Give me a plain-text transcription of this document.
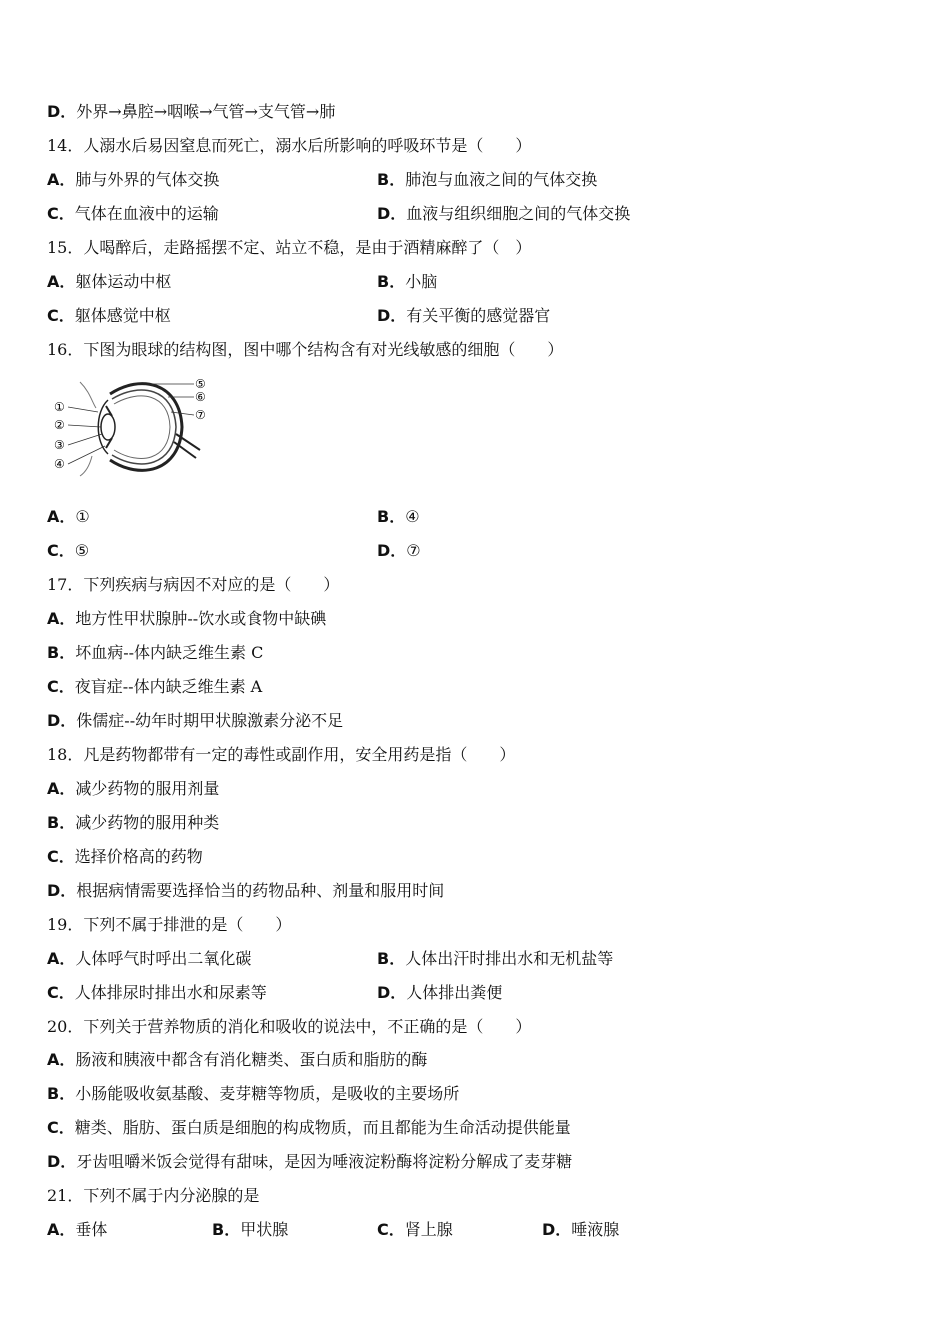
D．外界→鼻腔→咽喉→气管→支气管→肺
14．人溺水后易因窒息而死亡，溺水后所影响的呼吸环节是（　　）
A．肺与外界的气体交换	B．肺泡与血液之间的气体交换
C．气体在血液中的运输	D．血液与组织细胞之间的气体交换
15．人喝醉后，走路摇摆不定、站立不稳，是由于酒精麻醉了（　）
A．躯体运动中枢	B．小脑
C．躯体感觉中枢	D．有关平衡的感觉器官
16．下图为眼球的结构图，图中哪个结构含有对光线敏感的细胞（　　）
①
②
③
④
⑤
⑥
⑦
A．①	B．④
C．⑤	D．⑦
17．下列疾病与病因不对应的是（　　）
A．地方性甲状腺肿--饮水或食物中缺碘
B．坏血病--体内缺乏维生素 C
C．夜盲症--体内缺乏维生素 A
D．侏儒症--幼年时期甲状腺激素分泌不足
18．凡是药物都带有一定的毒性或副作用，安全用药是指（　　）
A．减少药物的服用剂量
B．减少药物的服用种类
C．选择价格高的药物
D．根据病情需要选择恰当的药物品种、剂量和服用时间
19．下列不属于排泄的是（　　）
A．人体呼气时呼出二氧化碳	B．人体出汗时排出水和无机盐等
C．人体排尿时排出水和尿素等	D．人体排出粪便
20．下列关于营养物质的消化和吸收的说法中，不正确的是（　　）
A．肠液和胰液中都含有消化糖类、蛋白质和脂肪的酶
B．小肠能吸收氨基酸、麦芽糖等物质，是吸收的主要场所
C．糖类、脂肪、蛋白质是细胞的构成物质，而且都能为生命活动提供能量
D．牙齿咀嚼米饭会觉得有甜味，是因为唾液淀粉酶将淀粉分解成了麦芽糖
21．下列不属于内分泌腺的是
A．垂体	B．甲状腺	C．肾上腺	D．唾液腺
